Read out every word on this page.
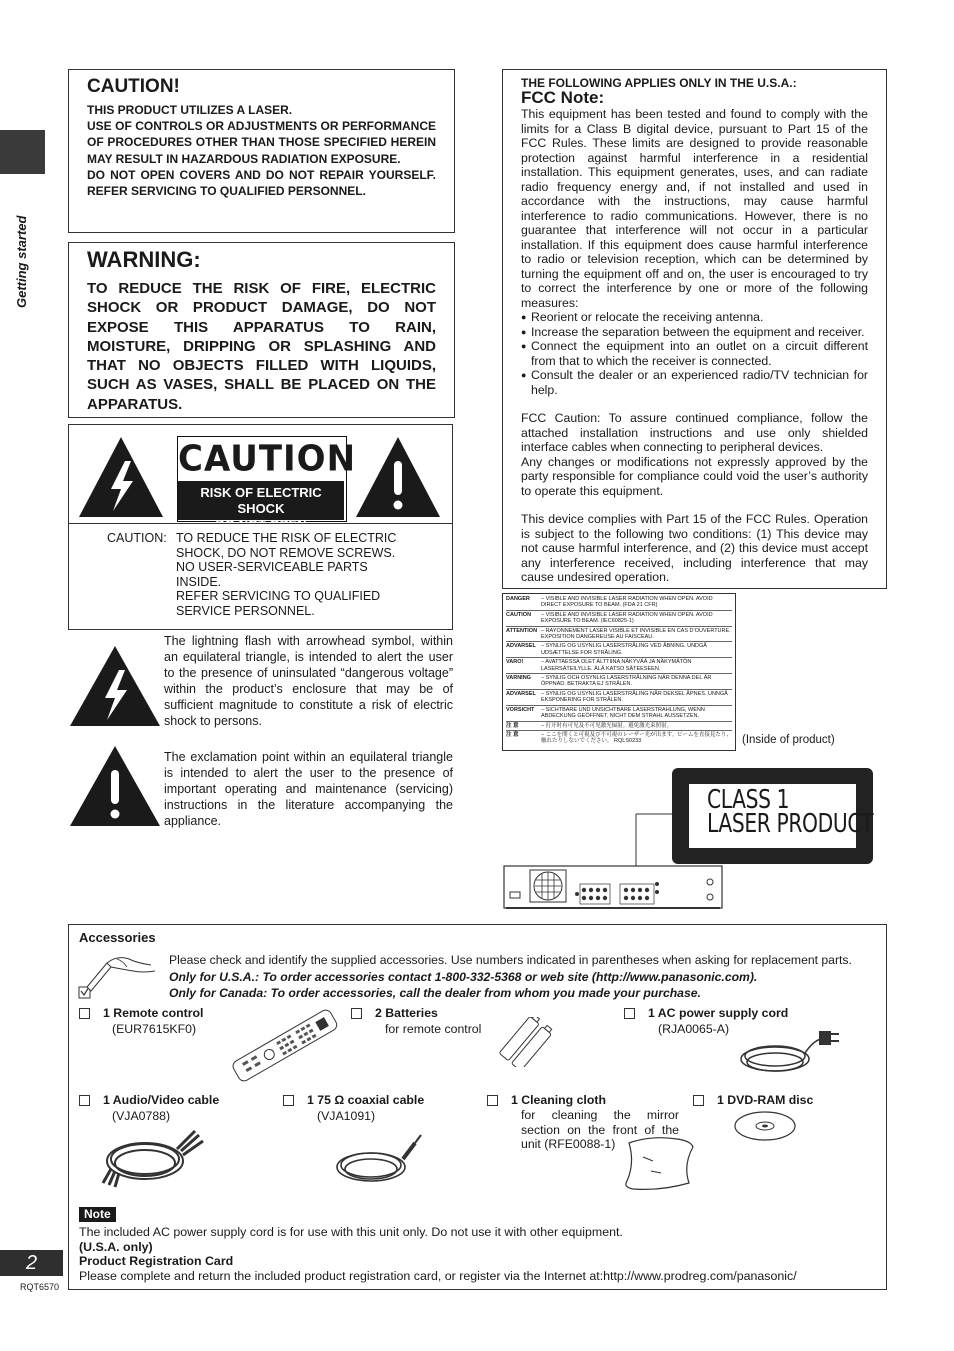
Getting started
2
RQT6570
CAUTION!

THIS PRODUCT UTILIZES A LASER.

USE OF CONTROLS OR ADJUSTMENTS OR PERFORMANCE OF PROCEDURES OTHER THAN THOSE SPECIFIED HEREIN MAY RESULT IN HAZARDOUS RADIATION EXPOSURE.

DO NOT OPEN COVERS AND DO NOT REPAIR YOURSELF. REFER SERVICING TO QUALIFIED PERSONNEL.

WARNING:

TO REDUCE THE RISK OF FIRE, ELECTRIC SHOCK OR PRODUCT DAMAGE, DO NOT EXPOSE THIS APPARATUS TO RAIN, MOISTURE, DRIPPING OR SPLASHING AND THAT NO OBJECTS FILLED WITH LIQUIDS, SUCH AS VASES, SHALL BE PLACED ON THE APPARATUS.

CAUTION
RISK OF ELECTRIC SHOCK
DO NOT OPEN
CAUTION: TO REDUCE THE RISK OF ELECTRIC
SHOCK, DO NOT REMOVE SCREWS.
NO USER-SERVICEABLE PARTS
INSIDE.
REFER SERVICING TO QUALIFIED
SERVICE PERSONNEL.
The lightning flash with arrowhead symbol, within an equilateral triangle, is intended to alert the user to the presence of uninsulated “dangerous voltage” within the product’s enclosure that may be of sufficient magnitude to constitute a risk of electric shock to persons.
The exclamation point within an equilateral triangle is intended to alert the user to the presence of important operating and maintenance (servicing) instructions in the literature accompanying the appliance.

THE FOLLOWING APPLIES ONLY IN THE U.S.A.:

FCC Note:

This equipment has been tested and found to comply with the limits for a Class B digital device, pursuant to Part 15 of the FCC Rules. These limits are designed to provide reasonable protection against harmful interference in a residential installation. This equipment generates, uses, and can radiate radio frequency energy and, if not installed and used in accordance with the instructions, may cause harmful interference to radio communications. However, there is no guarantee that interference will not occur in a particular installation. If this equipment does cause harmful interference to radio or television reception, which can be determined by turning the equipment off and on, the user is encouraged to try to correct the interference by one or more of the following measures:

● Reorient or relocate the receiving antenna.
● Increase the separation between the equipment and receiver.
● Connect the equipment into an outlet on a circuit different from that to which the receiver is connected.
● Consult the dealer or an experienced radio/TV technician for help.

FCC Caution: To assure continued compliance, follow the attached installation instructions and use only shielded interface cables when connecting to peripheral devices.

Any changes or modifications not expressly approved by the party responsible for compliance could void the user’s authority to operate this equipment.

This device complies with Part 15 of the FCC Rules. Operation is subject to the following two conditions: (1) This device may not cause harmful interference, and (2) this device must accept any interference received, including interference that may cause undesired operation.

DANGER	– VISIBLE AND INVISIBLE LASER RADIATION WHEN OPEN. AVOID DIRECT EXPOSURE TO BEAM. (FDA 21 CFR)
CAUTION	– VISIBLE AND INVISIBLE LASER RADIATION WHEN OPEN. AVOID EXPOSURE TO BEAM. (IEC60825-1)
ATTENTION – RAYONNEMENT LASER VISIBLE ET INVISIBLE EN CAS D’OUVERTURE. EXPOSITION DANGEREUSE AU FAISCEAU.
ADVARSEL – SYNLIG OG USYNLIG LASERSTRÅLING VED ÅBNING. UNDGÅ UDSÆTTELSE FOR STRÅLING.
VARO!	– AVATTAESSA OLET ALTTIINA NÄKYVÄÄ JA NÄKYMÄTÖN LASERSÄTEILYLLE. ÄLÄ KATSO SÄTEESEEN.
VARNING	– SYNLIG OCH OSYNLIG LASERSTRÅLNING NÄR DENNA DEL ÄR ÖPPNAD. BETRAKTA EJ STRÅLEN.
ADVARSEL – SYNLIG OG USYNLIG LASERSTRÅLING NÅR DEKSEL ÅPNES. UNNGÅ EKSPONERING FOR STRÅLEN.
VORSICHT	– SICHTBARE UND UNSICHTBARE LASERSTRAHLUNG, WENN ABDECKUNG GEÖFFNET. NICHT DEM STRAHL AUSSETZEN.
注 意	– 打开时有可见及不可见激光辐射。避免激光束照射。
注 意	– ここを開くと可視及び不可視のレーザー光が出ます。ビームを直接見たり、触れたりしないでください。 RQLS0233	(Inside of product)
CLASS 1
LASER PRODUCT
Accessories
Please check and identify the supplied accessories. Use numbers indicated in parentheses when asking for replacement parts.
Only for U.S.A.: To order accessories contact 1-800-332-5368 or web site (http://www.panasonic.com).
Only for Canada: To order accessories, call the dealer from whom you made your purchase.
1 Remote control
(EUR7615KF0)
2 Batteries
for remote control
1 AC power supply cord
(RJA0065-A)
1 Audio/Video cable
(VJA0788)
1 75 Ω coaxial cable
(VJA1091)
1 Cleaning cloth
for cleaning the mirror section on the front of the unit (RFE0088-1)
1 DVD-RAM disc
Note
The included AC power supply cord is for use with this unit only. Do not use it with other equipment.
(U.S.A. only)
Product Registration Card
Please complete and return the included product registration card, or register via the Internet at:http://www.prodreg.com/panasonic/
